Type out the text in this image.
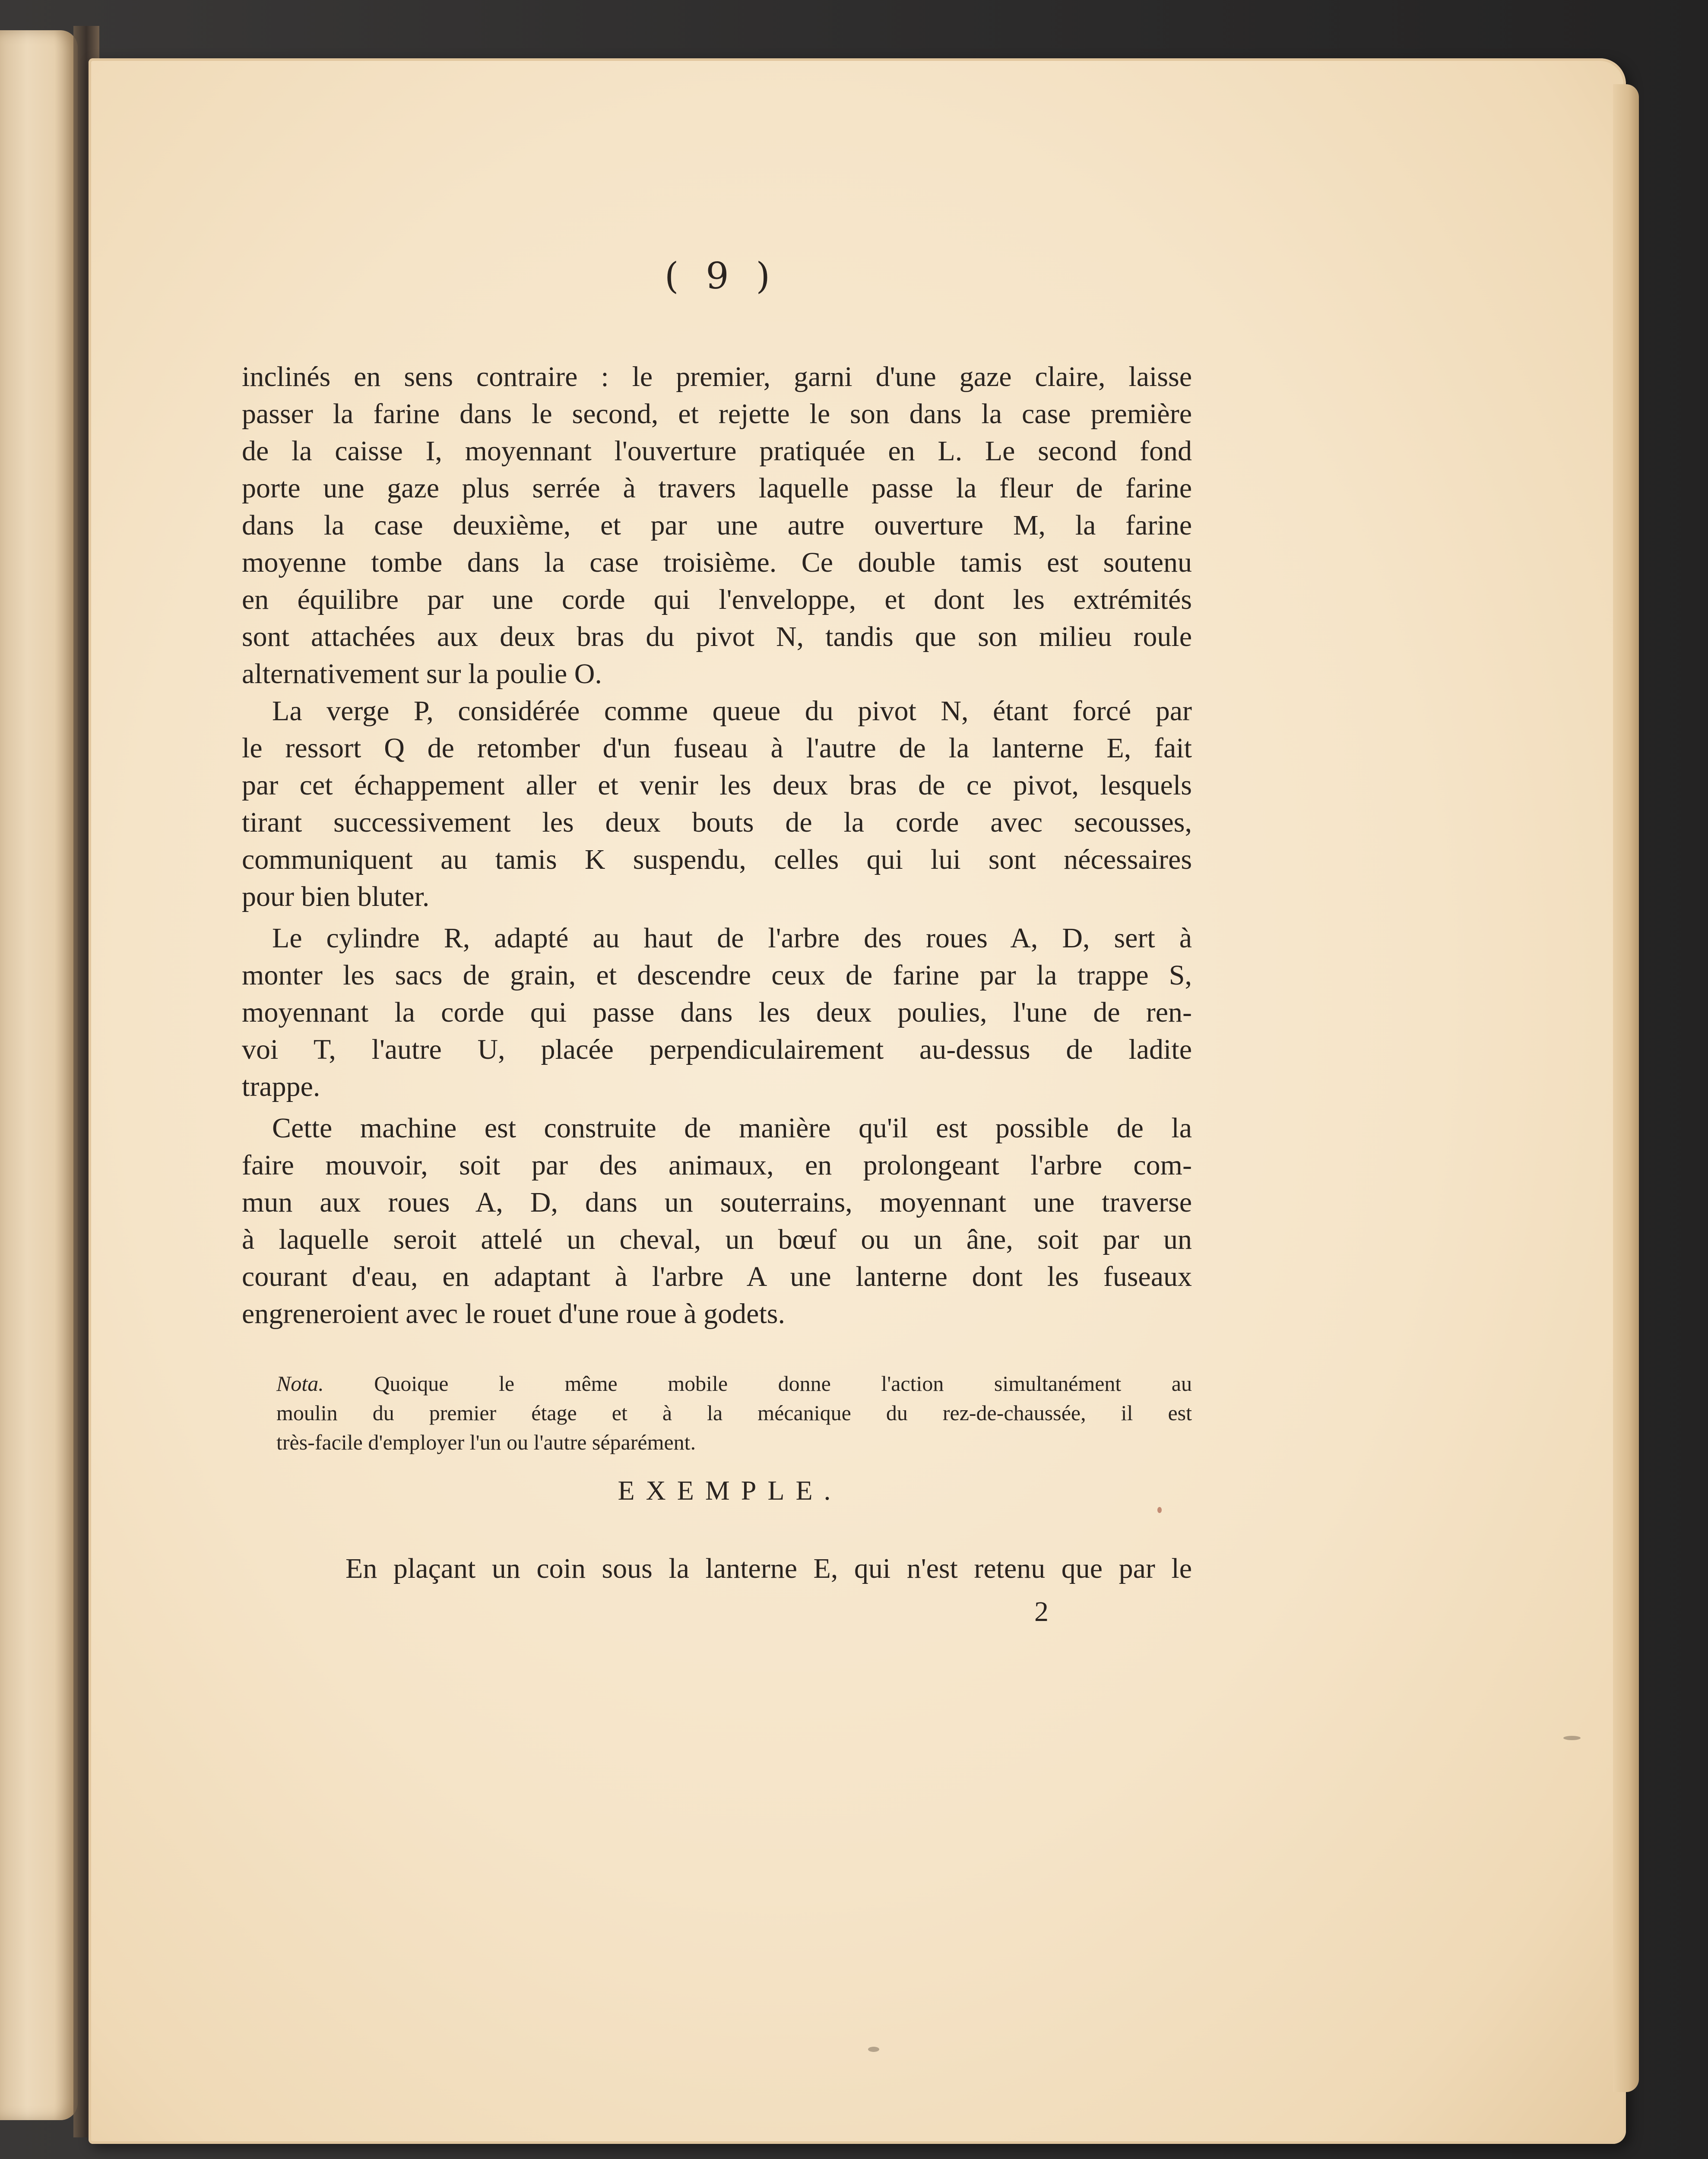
( 9 )
inclinés en sens contraire : le premier, garni d'une gaze claire, laisse
passer la farine dans le second, et rejette le son dans la case première
de la caisse I, moyennant l'ouverture pratiquée en L. Le second fond
porte une gaze plus serrée à travers laquelle passe la fleur de farine
dans la case deuxième, et par une autre ouverture M, la farine
moyenne tombe dans la case troisième. Ce double tamis est soutenu
en équilibre par une corde qui l'enveloppe, et dont les extrémités
sont attachées aux deux bras du pivot N, tandis que son milieu roule
alternativement sur la poulie O.
La verge P, considérée comme queue du pivot N, étant forcé par
le ressort Q de retomber d'un fuseau à l'autre de la lanterne E, fait
par cet échappement aller et venir les deux bras de ce pivot, lesquels
tirant successivement les deux bouts de la corde avec secousses,
communiquent au tamis K suspendu, celles qui lui sont nécessaires
pour bien bluter.
Le cylindre R, adapté au haut de l'arbre des roues A, D, sert à
monter les sacs de grain, et descendre ceux de farine par la trappe S,
moyennant la corde qui passe dans les deux poulies, l'une de ren-
voi T, l'autre U, placée perpendiculairement au-dessus de ladite
trappe.
Cette machine est construite de manière qu'il est possible de la
faire mouvoir, soit par des animaux, en prolongeant l'arbre com-
mun aux roues A, D, dans un souterrains, moyennant une traverse
à laquelle seroit attelé un cheval, un bœuf ou un âne, soit par un
courant d'eau, en adaptant à l'arbre A une lanterne dont les fuseaux
engreneroient avec le rouet d'une roue à godets.
Nota. Quoique le même mobile donne l'action simultanément au
moulin du premier étage et à la mécanique du rez-de-chaussée, il est
très-facile d'employer l'un ou l'autre séparément.
EXEMPLE.
En plaçant un coin sous la lanterne E, qui n'est retenu que par le
2
